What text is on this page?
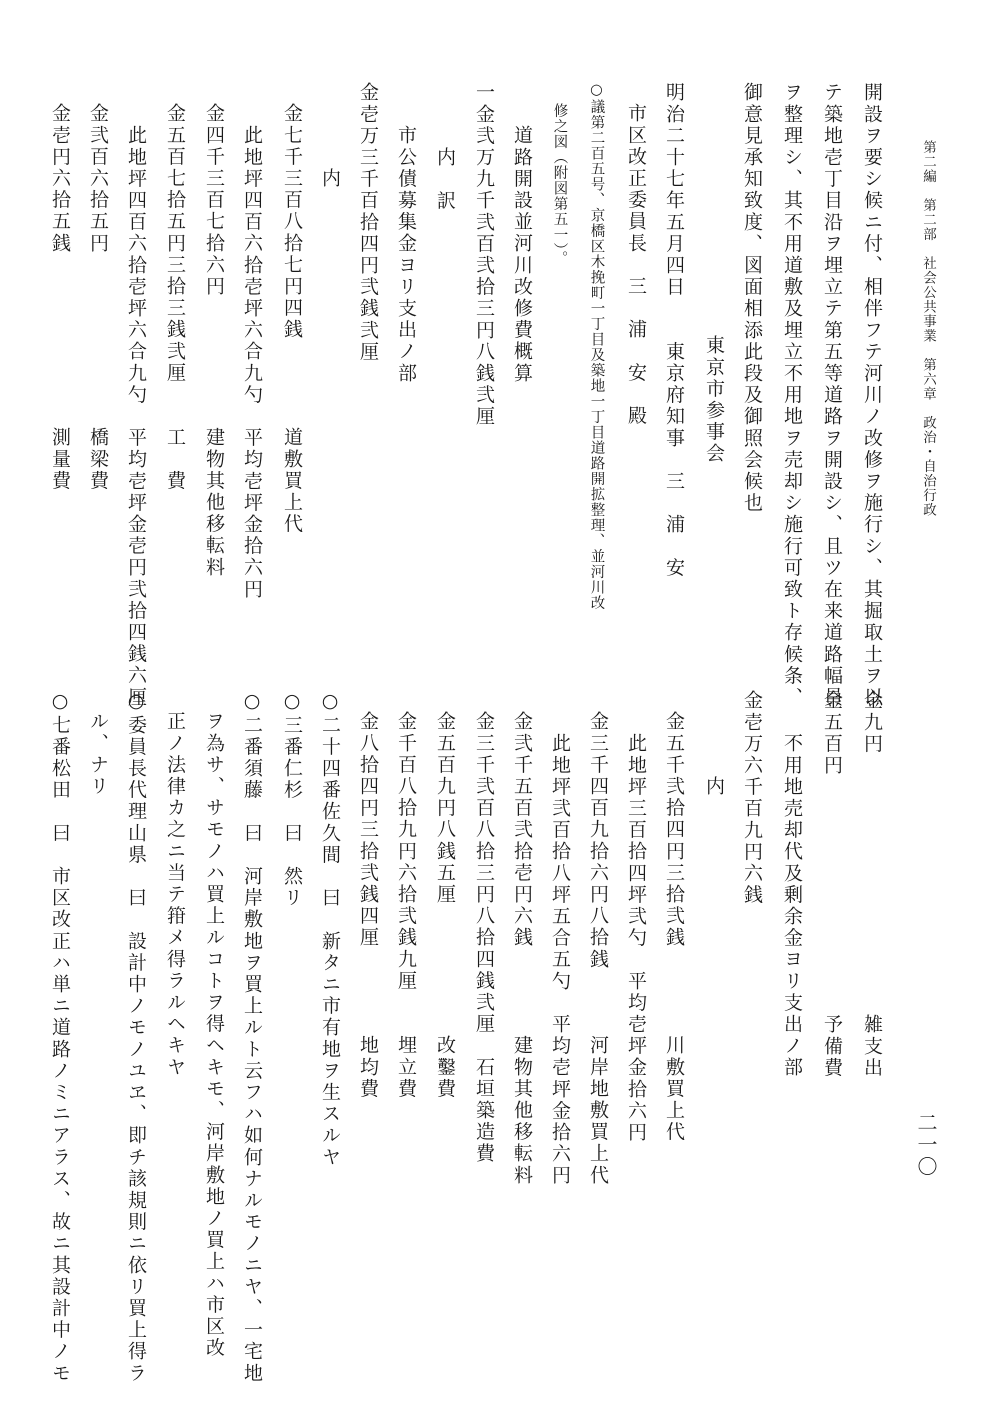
第二編　第二部　社会公共事業　第六章　政治・自治行政
二一〇
開設ヲ要シ候ニ付、相伴フテ河川ノ改修ヲ施行シ、其掘取土ヲ以
テ築地壱丁目沿ヲ埋立テ第五等道路ヲ開設シ、且ツ在来道路幅員
ヲ整理シ、其不用道敷及埋立不用地ヲ売却シ施行可致ト存候条、
御意見承知致度、図面相添此段及御照会候也
東京市参事会
明治二十七年五月四日　　東京府知事　三　浦　安
市区改正委員長　三　浦　安　殿
○議第二百五号、京橋区木挽町一丁目及築地一丁目道路開拡整理、並河川改
修之図（附図第五一）。
道路開設並河川改修費概算
一金弐万九千弐百弐拾三円八銭弐厘
内　訳
市公債募集金ヨリ支出ノ部
金壱万三千百拾四円弐銭弐厘
内
金七千三百八拾七円四銭　　　　道敷買上代
此地坪四百六拾壱坪六合九勺　平均壱坪金拾六円
金四千三百七拾六円　　　　　　建物其他移転料
金五百七拾五円三拾三銭弐厘　　工　費
此地坪四百六拾壱坪六合九勺　平均壱坪金壱円弐拾四銭六厘
金弐百六拾五円　　　　　　　　橋梁費
金壱円六拾五銭　　　　　　　　測量費
金九円　　　　　　　　　　　　雑支出
金五百円　　　　　　　　　　　予備費
不用地売却代及剰余金ヨリ支出ノ部
金壱万六千百九円六銭
内
金五千弐拾四円三拾弐銭　　　　川敷買上代
此地坪三百拾四坪弐勺　平均壱坪金拾六円
金三千四百九拾六円八拾銭　　　河岸地敷買上代
此地坪弐百拾八坪五合五勺　平均壱坪金拾六円
金弐千五百弐拾壱円六銭　　　　建物其他移転料
金三千弐百八拾三円八拾四銭弐厘　石垣築造費
金五百九円八銭五厘　　　　　　改鑿費
金千百八拾九円六拾弐銭九厘　　埋立費
金八拾四円三拾弐銭四厘　　　　地均費
○二十四番佐久間　曰　新タニ市有地ヲ生スルヤ
○三番仁杉　曰　然リ
○二番須藤　曰　河岸敷地ヲ買上ルト云フハ如何ナルモノニヤ、一宅地
ヲ為サ、サモノハ買上ルコトヲ得ヘキモ、河岸敷地ノ買上ハ市区改
正ノ法律カ之ニ当テ箝メ得ラルヘキヤ
○委員長代理山県　曰　設計中ノモノユヱ、即チ該規則ニ依リ買上得ラ
ル、ナリ
○七番松田　曰　市区改正ハ単ニ道路ノミニアラス、故ニ其設計中ノモ
